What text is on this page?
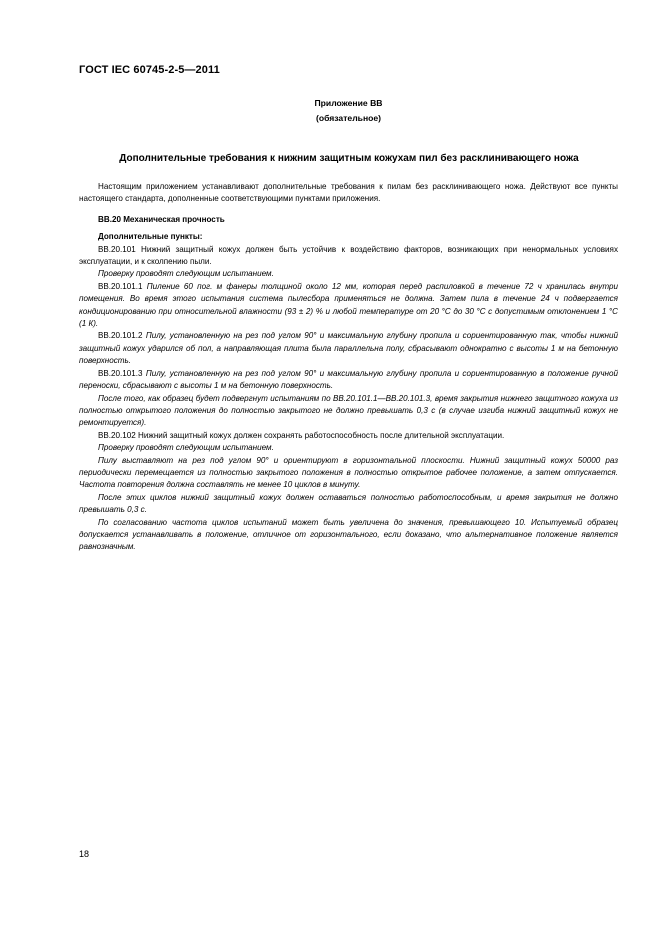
ГОСТ IEC 60745-2-5—2011
Приложение ВВ
(обязательное)
Дополнительные требования к нижним защитным кожухам пил без расклинивающего ножа

Настоящим приложением устанавливают дополнительные требования к пилам без расклинивающего ножа. Действуют все пункты настоящего стандарта, дополненные соответствующими пунктами приложения.

ВВ.20 Механическая прочность

Дополнительные пункты:

ВВ.20.101 Нижний защитный кожух должен быть устойчив к воздействию факторов, возникающих при ненормальных условиях эксплуатации, и к сколпению пыли.

Проверку проводят следующим испытанием.

ВВ.20.101.1 Пиление 60 пог. м фанеры толщиной около 12 мм, которая перед распиловкой в течение 72 ч хранилась внутри помещения. Во время этого испытания система пылесбора применяться не должна. Затем пила в течение 24 ч подвергается кондиционированию при относительной влажности (93 ± 2) % и любой температуре от 20 °С до 30 °С с допустимым отклонением 1 °С (1 К).

ВВ.20.101.2 Пилу, установленную на рез под углом 90° и максимальную глубину пропила и сориентированную так, чтобы нижний защитный кожух ударился об пол, а направляющая плита была параллельна полу, сбрасывают однократно с высоты 1 м на бетонную поверхность.

ВВ.20.101.3 Пилу, установленную на рез под углом 90° и максимальную глубину пропила и сориентированную в положение ручной переноски, сбрасывают с высоты 1 м на бетонную поверхность.

После того, как образец будет подвергнут испытаниям по ВВ.20.101.1—ВВ.20.101.3, время закрытия нижнего защитного кожуха из полностью открытого положения до полностью закрытого не должно превышать 0,3 с (в случае изгиба нижний защитный кожух не ремонтируется).

ВВ.20.102 Нижний защитный кожух должен сохранять работоспособность после длительной эксплуатации.

Проверку проводят следующим испытанием.

Пилу выставляют на рез под углом 90° и ориентируют в горизонтальной плоскости. Нижний защитный кожух 50000 раз периодически перемещается из полностью закрытого положения в полностью открытое рабочее положение, а затем отпускается. Частота повторения должна составлять не менее 10 циклов в минуту.

После этих циклов нижний защитный кожух должен оставаться полностью работоспособным, и время закрытия не должно превышать 0,3 с.

По согласованию частота циклов испытаний может быть увеличена до значения, превышающего 10. Испытуемый образец допускается устанавливать в положение, отличное от горизонтального, если доказано, что альтернативное положение является равнозначным.

18
